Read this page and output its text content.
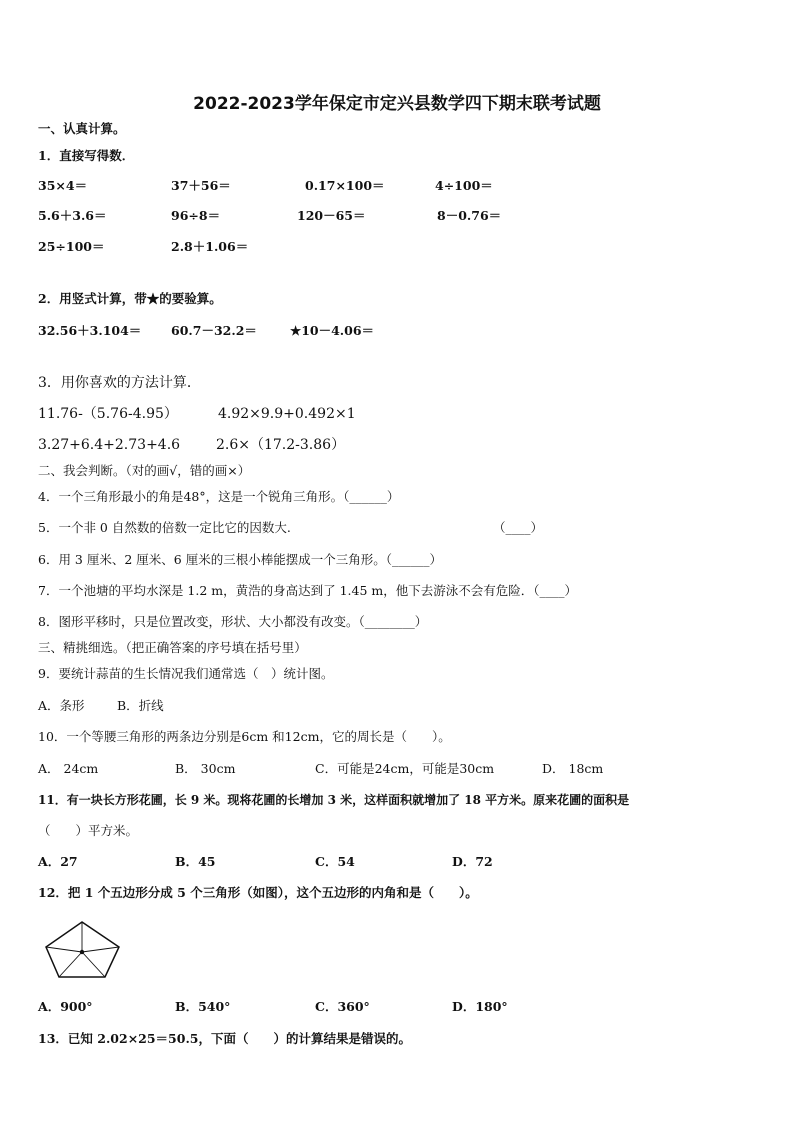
2022-2023学年保定市定兴县数学四下期末联考试题
一、认真计算。
1．直接写得数．
35×4＝	37＋56＝	0.17×100＝	4÷100＝
5.6＋3.6＝	96÷8＝	120－65＝	8－0.76＝
25÷100＝	2.8＋1.06＝
2．用竖式计算，带★的要验算。
32.56＋3.104＝ 60.7－32.2＝	★10－4.06＝
3．用你喜欢的方法计算．
11.76-（5.76-4.95）	4.92×9.9+0.492×1
3.27+6.4+2.73+4.6	2.6×（17.2-3.86）
二、我会判断。（对的画√，错的画×）
4．一个三角形最小的角是48°，这是一个锐角三角形。（______）
5．一个非 0 自然数的倍数一定比它的因数大.	（____）
6．用 3 厘米、2 厘米、6 厘米的三根小棒能摆成一个三角形。（______）
7．一个池塘的平均水深是 1.2 m，黄浩的身高达到了 1.45 m，他下去游泳不会有危险．（____）
8．图形平移时，只是位置改变，形状、大小都没有改变。（________）
三、精挑细选。（把正确答案的序号填在括号里）
9．要统计蒜苗的生长情况我们通常选（　）统计图。
A．条形	B．折线
10．一个等腰三角形的两条边分别是6cm 和12cm，它的周长是（　　）。
A． 24cm	B． 30cm	C．可能是24cm，可能是30cm	D． 18cm
11．有一块长方形花圃，长 9 米。现将花圃的长增加 3 米，这样面积就增加了 18 平方米。原来花圃的面积是
（　　）平方米。
A．27	B．45	C．54	D．72
12．把 1 个五边形分成 5 个三角形（如图），这个五边形的内角和是（　　）。
A．900°	B．540°	C．360°	D．180°
13．已知 2.02×25＝50.5，下面（　　）的计算结果是错误的。
